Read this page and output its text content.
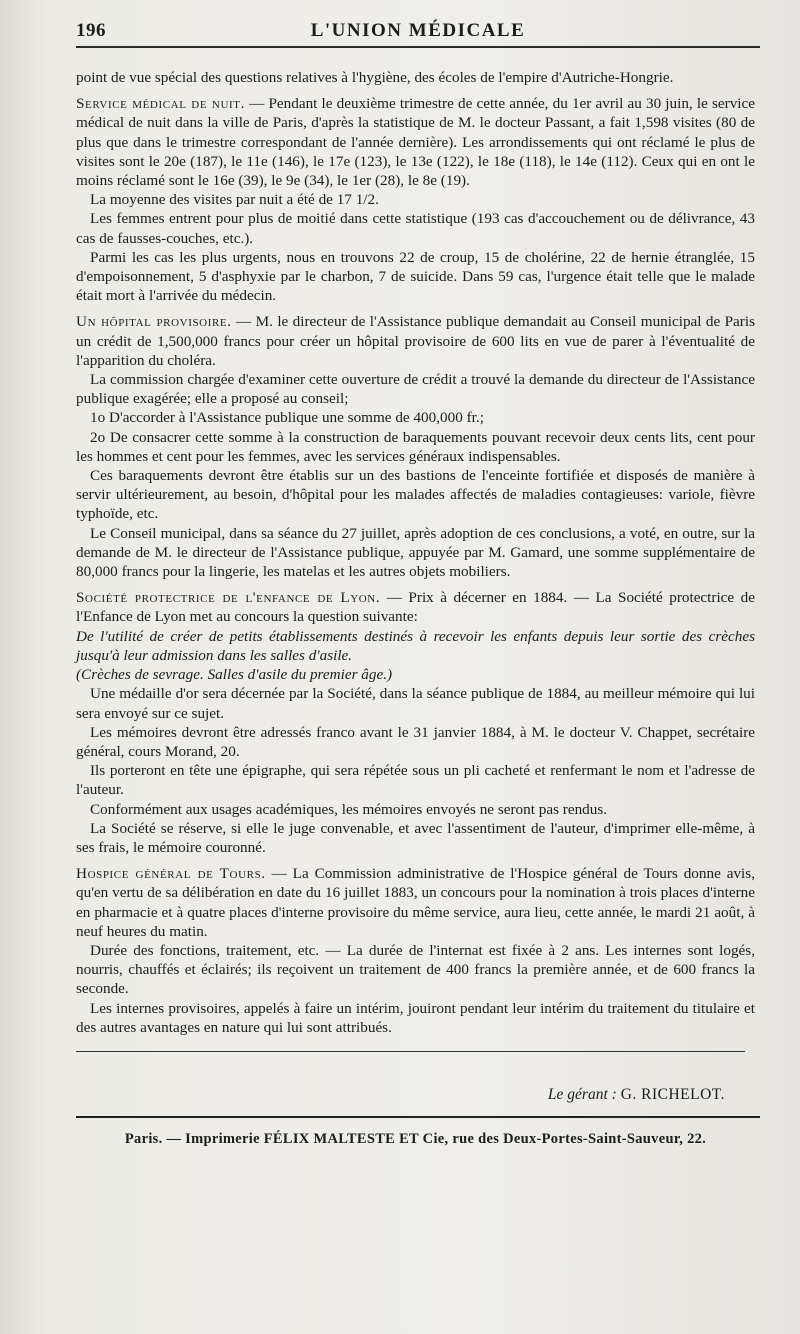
196	L'UNION MÉDICALE

point de vue spécial des questions relatives à l'hygiène, des écoles de l'empire d'Autriche-Hongrie.

Service médical de nuit. — Pendant le deuxième trimestre de cette année, du 1er avril au 30 juin, le service médical de nuit dans la ville de Paris, d'après la statistique de M. le docteur Passant, a fait 1,598 visites (80 de plus que dans le trimestre correspondant de l'année dernière). Les arrondissements qui ont réclamé le plus de visites sont le 20e (187), le 11e (146), le 17e (123), le 13e (122), le 18e (118), le 14e (112). Ceux qui en ont le moins réclamé sont le 16e (39), le 9e (34), le 1er (28), le 8e (19).

La moyenne des visites par nuit a été de 17 1/2.

Les femmes entrent pour plus de moitié dans cette statistique (193 cas d'accouchement ou de délivrance, 43 cas de fausses-couches, etc.).

Parmi les cas les plus urgents, nous en trouvons 22 de croup, 15 de cholérine, 22 de hernie étranglée, 15 d'empoisonnement, 5 d'asphyxie par le charbon, 7 de suicide. Dans 59 cas, l'urgence était telle que le malade était mort à l'arrivée du médecin.

Un hôpital provisoire. — M. le directeur de l'Assistance publique demandait au Conseil municipal de Paris un crédit de 1,500,000 francs pour créer un hôpital provisoire de 600 lits en vue de parer à l'éventualité de l'apparition du choléra.

La commission chargée d'examiner cette ouverture de crédit a trouvé la demande du directeur de l'Assistance publique exagérée; elle a proposé au conseil;

1o D'accorder à l'Assistance publique une somme de 400,000 fr.;

2o De consacrer cette somme à la construction de baraquements pouvant recevoir deux cents lits, cent pour les hommes et cent pour les femmes, avec les services généraux indispensables.

Ces baraquements devront être établis sur un des bastions de l'enceinte fortifiée et disposés de manière à servir ultérieurement, au besoin, d'hôpital pour les malades affectés de maladies contagieuses: variole, fièvre typhoïde, etc.

Le Conseil municipal, dans sa séance du 27 juillet, après adoption de ces conclusions, a voté, en outre, sur la demande de M. le directeur de l'Assistance publique, appuyée par M. Gamard, une somme supplémentaire de 80,000 francs pour la lingerie, les matelas et les autres objets mobiliers.

Société protectrice de l'enfance de Lyon. — Prix à décerner en 1884. — La Société protectrice de l'Enfance de Lyon met au concours la question suivante:

De l'utilité de créer de petits établissements destinés à recevoir les enfants depuis leur sortie des crèches jusqu'à leur admission dans les salles d'asile.

(Crèches de sevrage. Salles d'asile du premier âge.)

Une médaille d'or sera décernée par la Société, dans la séance publique de 1884, au meilleur mémoire qui lui sera envoyé sur ce sujet.

Les mémoires devront être adressés franco avant le 31 janvier 1884, à M. le docteur V. Chappet, secrétaire général, cours Morand, 20.

Ils porteront en tête une épigraphe, qui sera répétée sous un pli cacheté et renfermant le nom et l'adresse de l'auteur.

Conformément aux usages académiques, les mémoires envoyés ne seront pas rendus.

La Société se réserve, si elle le juge convenable, et avec l'assentiment de l'auteur, d'imprimer elle-même, à ses frais, le mémoire couronné.

Hospice général de Tours. — La Commission administrative de l'Hospice général de Tours donne avis, qu'en vertu de sa délibération en date du 16 juillet 1883, un concours pour la nomination à trois places d'interne en pharmacie et à quatre places d'interne provisoire du même service, aura lieu, cette année, le mardi 21 août, à neuf heures du matin.

Durée des fonctions, traitement, etc. — La durée de l'internat est fixée à 2 ans. Les internes sont logés, nourris, chauffés et éclairés; ils reçoivent un traitement de 400 francs la première année, et de 600 francs la seconde.

Les internes provisoires, appelés à faire un intérim, jouiront pendant leur intérim du traitement du titulaire et des autres avantages en nature qui lui sont attribués.

Le gérant : G. RICHELOT.
Paris. — Imprimerie FÉLIX MALTESTE ET Cie, rue des Deux-Portes-Saint-Sauveur, 22.
